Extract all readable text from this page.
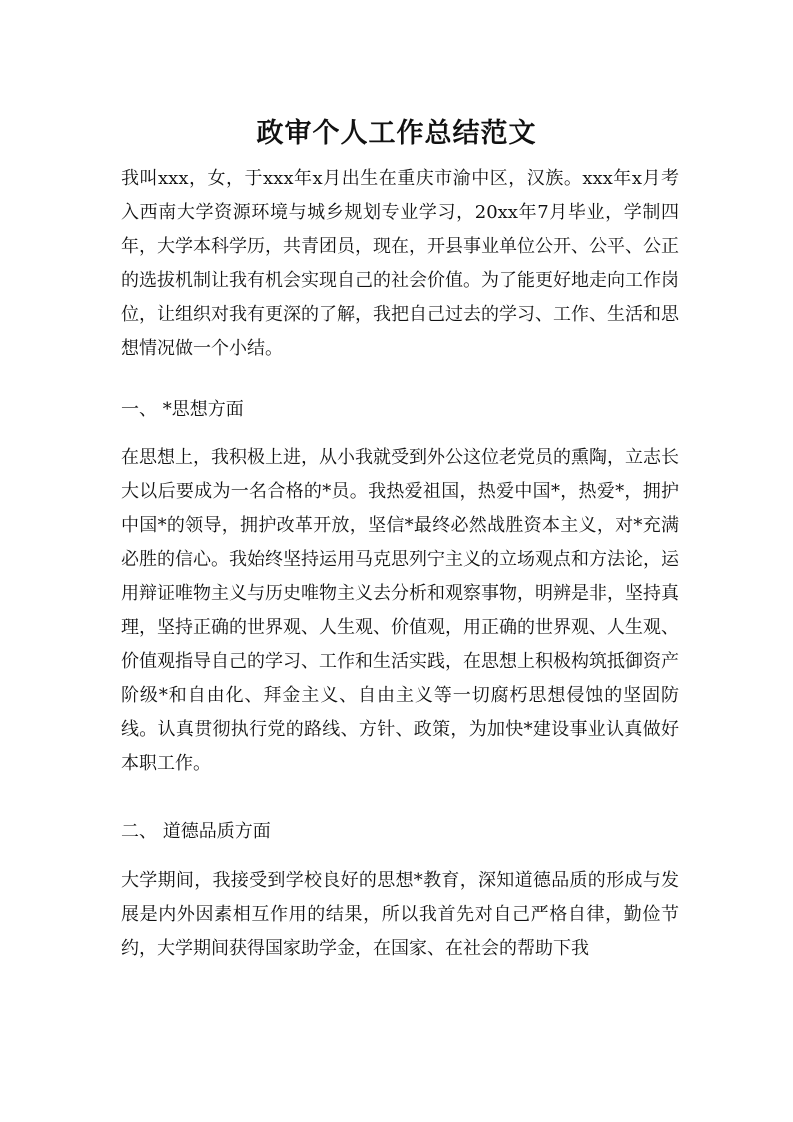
政审个人工作总结范文

我叫xxx，女，于xxx年x月出生在重庆市渝中区，汉族。xxx年x月考入西南大学资源环境与城乡规划专业学习，20xx年7月毕业，学制四年，大学本科学历，共青团员，现在，开县事业单位公开、公平、公正的选拔机制让我有机会实现自己的社会价值。为了能更好地走向工作岗位，让组织对我有更深的了解，我把自己过去的学习、工作、生活和思想情况做一个小结。

一、 *思想方面

在思想上，我积极上进，从小我就受到外公这位老党员的熏陶，立志长大以后要成为一名合格的*员。我热爱祖国，热爱中国*，热爱*，拥护中国*的领导，拥护改革开放，坚信*最终必然战胜资本主义，对*充满必胜的信心。我始终坚持运用马克思列宁主义的立场观点和方法论，运用辩证唯物主义与历史唯物主义去分析和观察事物，明辨是非，坚持真理，坚持正确的世界观、人生观、价值观，用正确的世界观、人生观、价值观指导自己的学习、工作和生活实践，在思想上积极构筑抵御资产阶级*和自由化、拜金主义、自由主义等一切腐朽思想侵蚀的坚固防线。认真贯彻执行党的路线、方针、政策，为加快*建设事业认真做好本职工作。

二、 道德品质方面

大学期间，我接受到学校良好的思想*教育，深知道德品质的形成与发展是内外因素相互作用的结果，所以我首先对自己严格自律，勤俭节约，大学期间获得国家助学金，在国家、在社会的帮助下我
